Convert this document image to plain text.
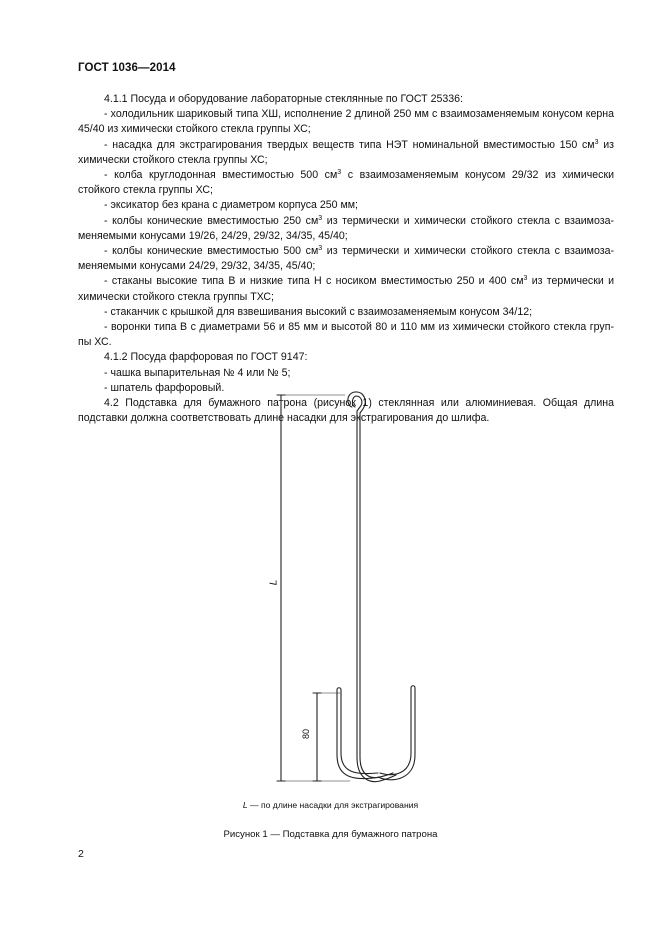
ГОСТ 1036—2014

4.1.1 Посуда и оборудование лабораторные стеклянные по ГОСТ 25336:

- холодильник шариковый типа ХШ, исполнение 2 длиной 250 мм с взаимозаменяемым конусом керна 45/40 из химически стойкого стекла группы ХС;

- насадка для экстрагирования твердых веществ типа НЭТ номинальной вместимостью 150 $см^3$ из химически стойкого стекла группы ХС;

- колба круглодонная вместимостью 500 $см^3$ с взаимозаменяемым конусом 29/32 из химически стойкого стекла группы ХС;

- эксикатор без крана с диаметром корпуса 250 мм;

- колбы конические вместимостью 250 $см^3$ из термически и химически стойкого стекла с взаимоза-меняемыми конусами 19/26, 24/29, 29/32, 34/35, 45/40;

- колбы конические вместимостью 500 $см^3$ из термически и химически стойкого стекла с взаимоза-меняемыми конусами 24/29, 29/32, 34/35, 45/40;

- стаканы высокие типа В и низкие типа Н с носиком вместимостью 250 и 400 $см^3$ из термически и химически стойкого стекла группы ТХС;

- стаканчик с крышкой для взвешивания высокий с взаимозаменяемым конусом 34/12;

- воронки типа В с диаметрами 56 и 85 мм и высотой 80 и 110 мм из химически стойкого стекла груп-пы ХС.

4.1.2 Посуда фарфоровая по ГОСТ 9147:

- чашка выпарительная № 4 или № 5;

- шпатель фарфоровый.

4.2 Подставка для бумажного патрона (рисунок 1) стеклянная или алюминиевая. Общая длина подставки должна соответствовать длине насадки для экстрагирования до шлифа.

L
80
L — по длине насадки для экстрагирования
Рисунок 1 — Подставка для бумажного патрона
2
